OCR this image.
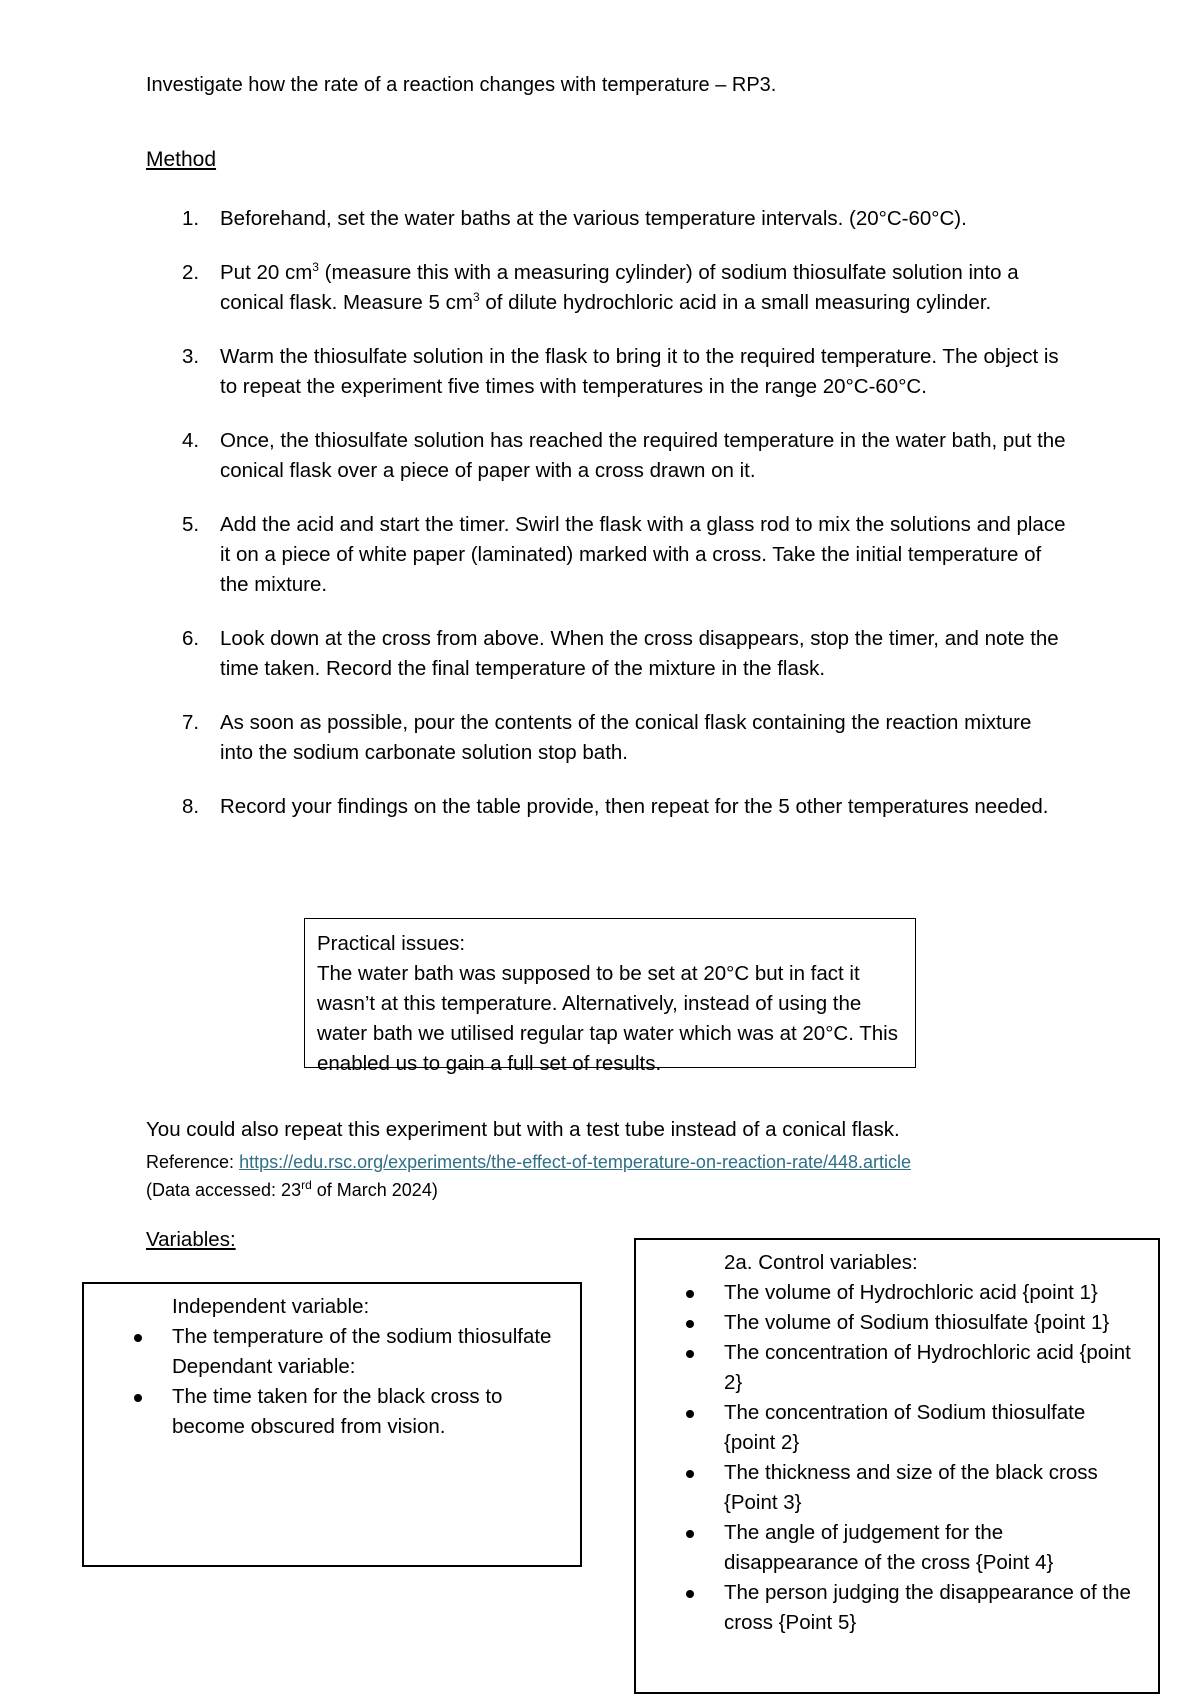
Investigate how the rate of a reaction changes with temperature – RP3.
Method
1. Beforehand, set the water baths at the various temperature intervals. (20°C-60°C).
2. Put 20 $cm^3$ (measure this with a measuring cylinder) of sodium thiosulfate solution into a conical flask. Measure 5 $cm^3$ of dilute hydrochloric acid in a small measuring cylinder.
3. Warm the thiosulfate solution in the flask to bring it to the required temperature. The object is to repeat the experiment five times with temperatures in the range 20°C-60°C.
4. Once, the thiosulfate solution has reached the required temperature in the water bath, put the conical flask over a piece of paper with a cross drawn on it.
5. Add the acid and start the timer. Swirl the flask with a glass rod to mix the solutions and place it on a piece of white paper (laminated) marked with a cross. Take the initial temperature of the mixture.
6. Look down at the cross from above. When the cross disappears, stop the timer, and note the time taken. Record the final temperature of the mixture in the flask.
7. As soon as possible, pour the contents of the conical flask containing the reaction mixture into the sodium carbonate solution stop bath.
8. Record your findings on the table provide, then repeat for the 5 other temperatures needed.
Practical issues:
The water bath was supposed to be set at 20°C but in fact it wasn’t at this temperature. Alternatively, instead of using the water bath we utilised regular tap water which was at 20°C. This enabled us to gain a full set of results.
You could also repeat this experiment but with a test tube instead of a conical flask.
Reference: https://edu.rsc.org/experiments/the-effect-of-temperature-on-reaction-rate/448.article
(Data accessed: 23rd of March 2024)
Variables:
Independent variable:
The temperature of the sodium thiosulfate
Dependant variable:
The time taken for the black cross to become obscured from vision.
2a. Control variables:
The volume of Hydrochloric acid {point 1}
The volume of Sodium thiosulfate {point 1}
The concentration of Hydrochloric acid {point 2}
The concentration of Sodium thiosulfate {point 2}
The thickness and size of the black cross {Point 3}
The angle of judgement for the disappearance of the cross {Point 4}
The person judging the disappearance of the cross {Point 5}
